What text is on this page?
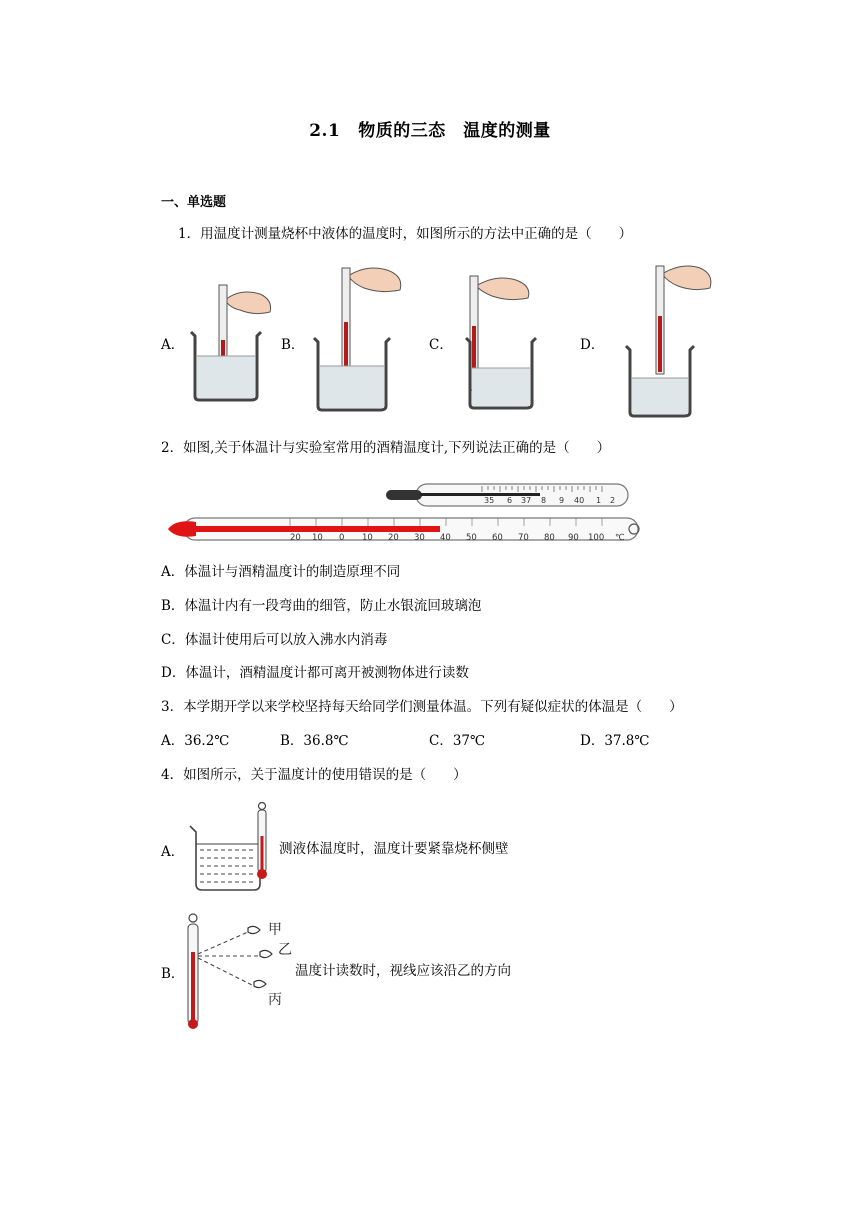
2.1 物质的三态　温度的测量
一、单选题
1．用温度计测量烧杯中液体的温度时，如图所示的方法中正确的是（　　）
A．	B．	C．	D．
2．如图,关于体温计与实验室常用的酒精温度计,下列说法正确的是（　　）
35 6 37 8 9 40 1 2
20 10 0 10 20 30 40 50 60 70 80 90 100 ℃
A．体温计与酒精温度计的制造原理不同
B．体温计内有一段弯曲的细管，防止水银流回玻璃泡
C．体温计使用后可以放入沸水内消毒
D．体温计，酒精温度计都可离开被测物体进行读数
3．本学期开学以来学校坚持每天给同学们测量体温。下列有疑似症状的体温是（　　）
A．36.2℃	B．36.8℃	C．37℃	D．37.8℃
4．如图所示，关于温度计的使用错误的是（　　）
A．	测液体温度时，温度计要紧靠烧杯侧壁
B．
甲
乙
丙
温度计读数时，视线应该沿乙的方向
